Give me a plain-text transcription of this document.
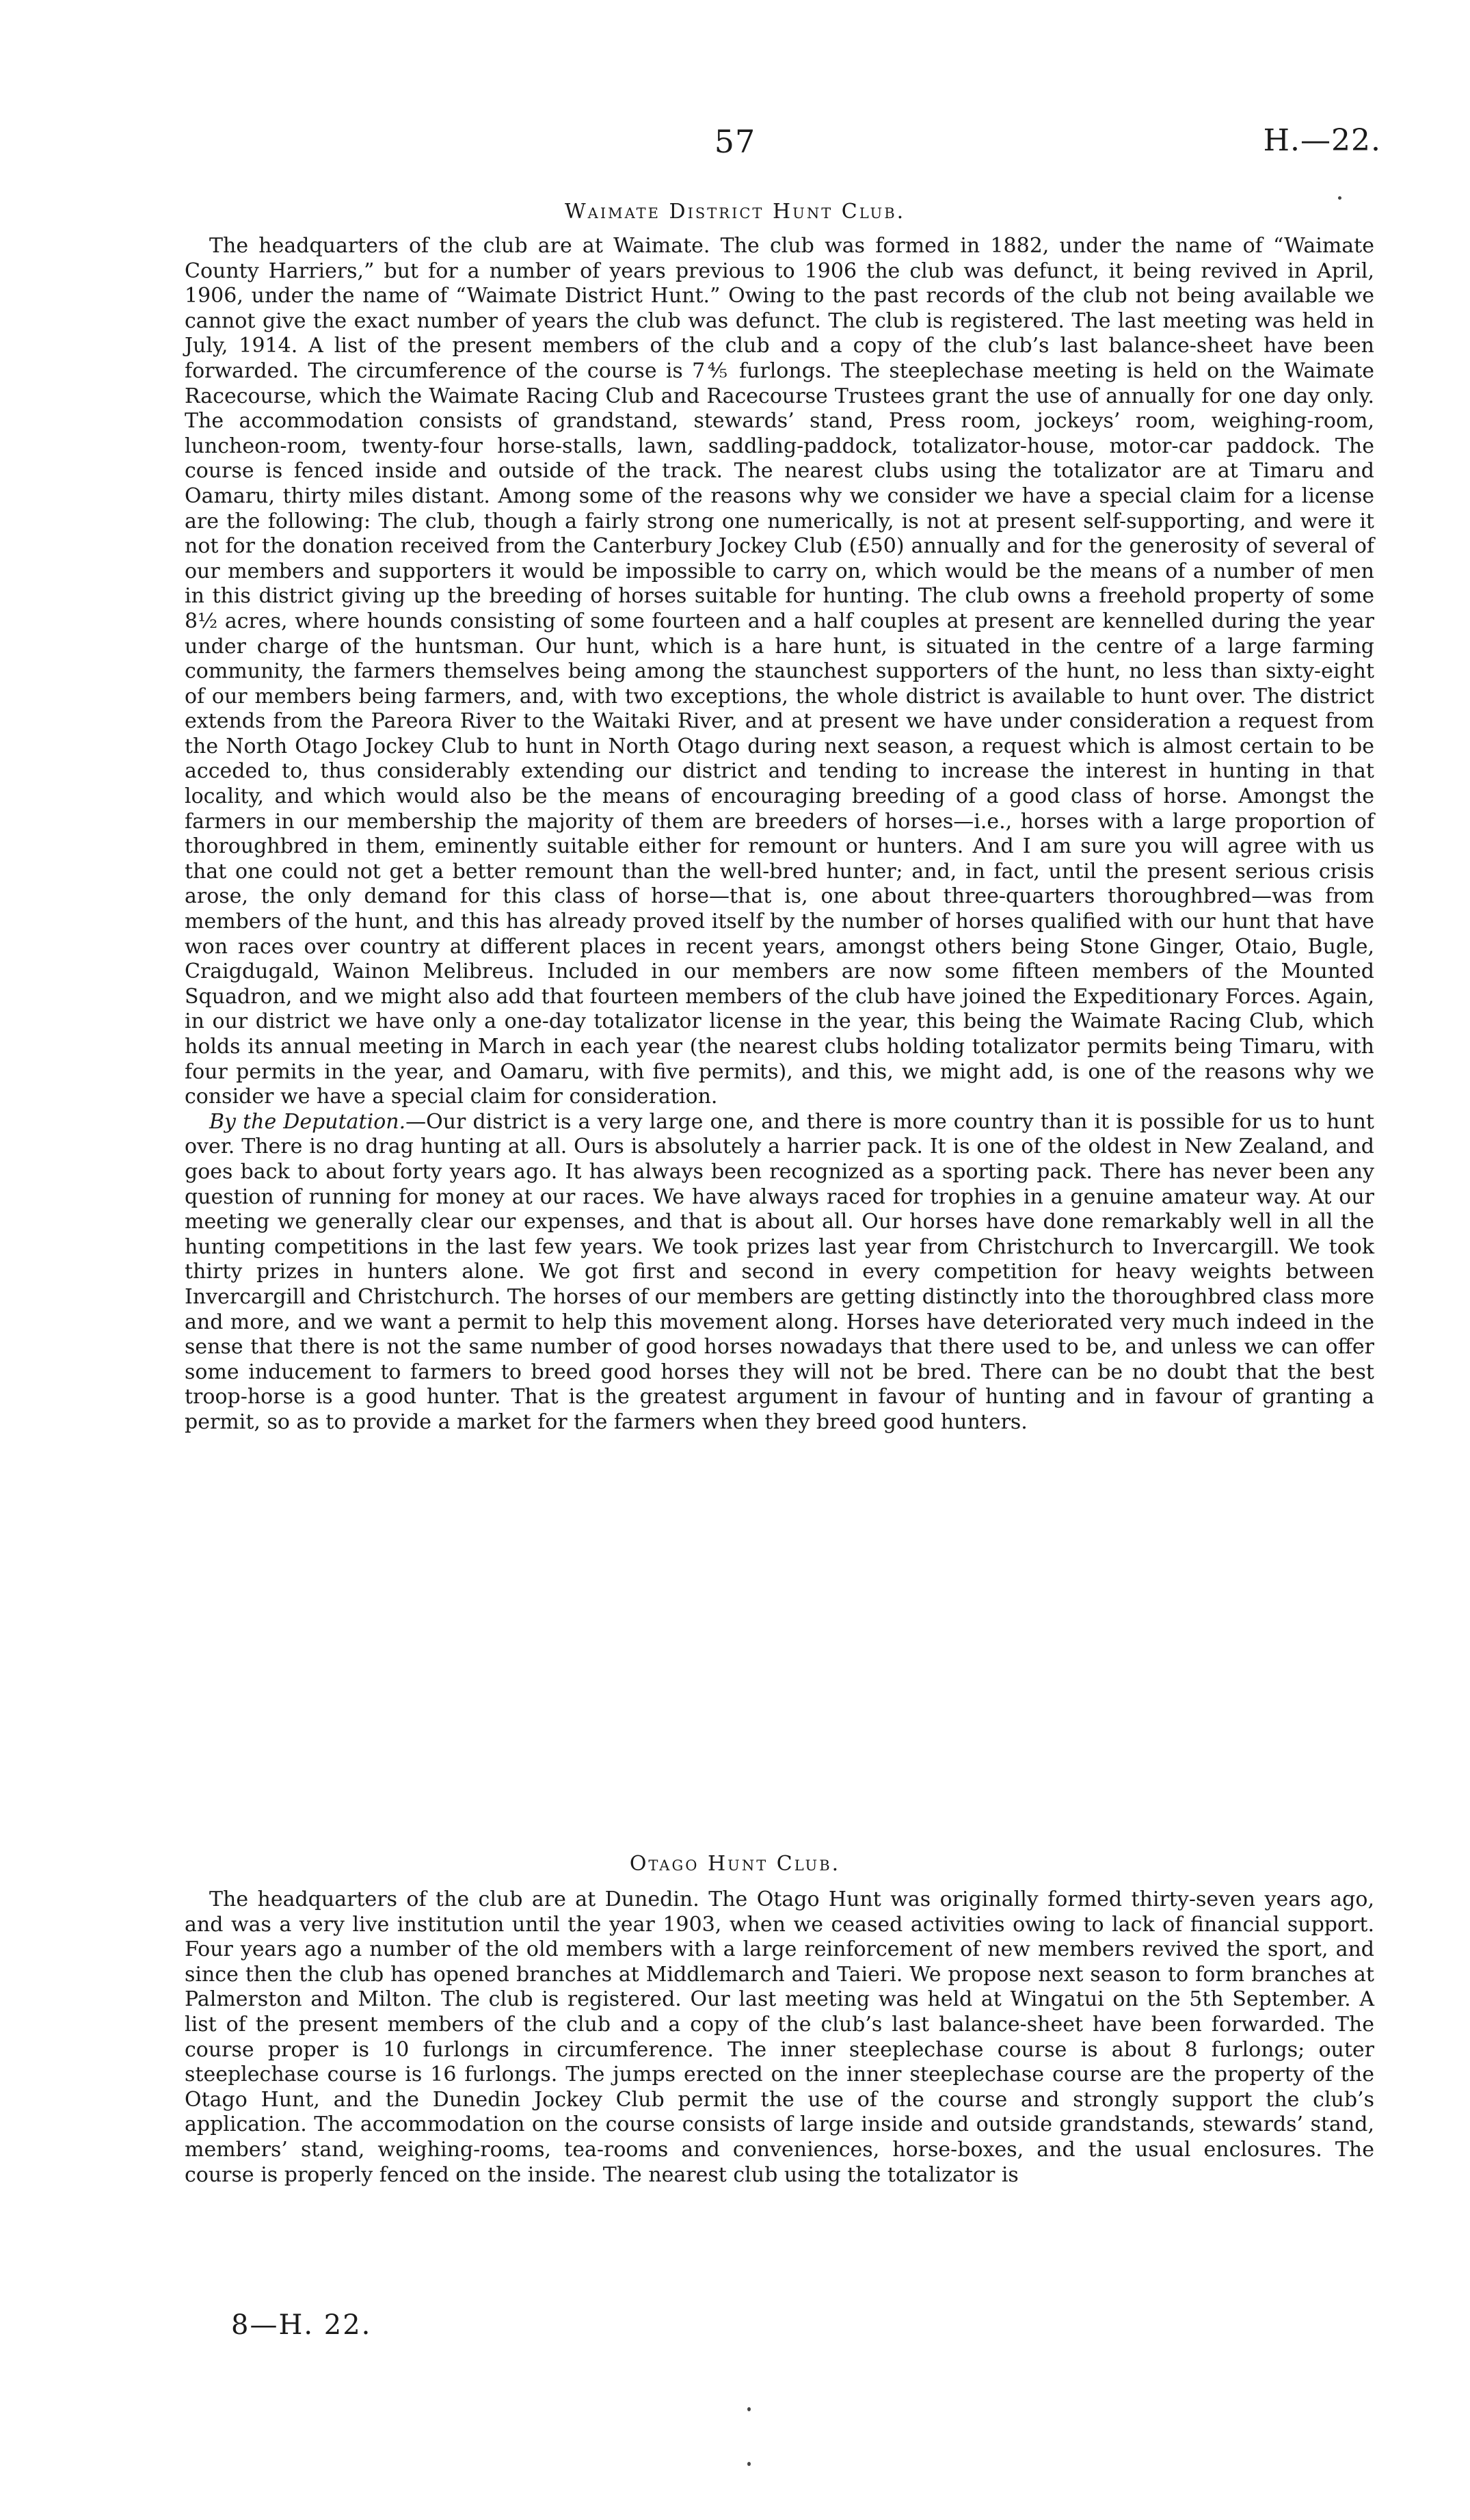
57	H.—22.
Waimate District Hunt Club.

The headquarters of the club are at Waimate. The club was formed in 1882, under the name of “Waimate County Harriers,” but for a number of years previous to 1906 the club was defunct, it being revived in April, 1906, under the name of “Waimate District Hunt.” Owing to the past records of the club not being available we cannot give the exact number of years the club was defunct. The club is registered. The last meeting was held in July, 1914. A list of the present members of the club and a copy of the club’s last balance-sheet have been forwarded. The circumference of the course is 7⅘ furlongs. The steeplechase meeting is held on the Waimate Racecourse, which the Waimate Racing Club and Racecourse Trustees grant the use of annually for one day only. The accommodation consists of grandstand, stewards’ stand, Press room, jockeys’ room, weighing-room, luncheon-room, twenty-four horse-stalls, lawn, saddling-paddock, totalizator-house, motor-car paddock. The course is fenced inside and outside of the track. The nearest clubs using the totalizator are at Timaru and Oamaru, thirty miles distant. Among some of the reasons why we consider we have a special claim for a license are the following: The club, though a fairly strong one numerically, is not at present self-supporting, and were it not for the donation received from the Canterbury Jockey Club (£50) annually and for the generosity of several of our members and supporters it would be impossible to carry on, which would be the means of a number of men in this district giving up the breeding of horses suitable for hunting. The club owns a freehold property of some 8½ acres, where hounds consisting of some fourteen and a half couples at present are kennelled during the year under charge of the huntsman. Our hunt, which is a hare hunt, is situated in the centre of a large farming community, the farmers themselves being among the staunchest supporters of the hunt, no less than sixty-eight of our members being farmers, and, with two exceptions, the whole district is available to hunt over. The district extends from the Pareora River to the Waitaki River, and at present we have under consideration a request from the North Otago Jockey Club to hunt in North Otago during next season, a request which is almost certain to be acceded to, thus considerably extending our district and tending to increase the interest in hunting in that locality, and which would also be the means of encouraging breeding of a good class of horse. Amongst the farmers in our membership the majority of them are breeders of horses—i.e., horses with a large proportion of thoroughbred in them, eminently suitable either for remount or hunters. And I am sure you will agree with us that one could not get a better remount than the well-bred hunter; and, in fact, until the present serious crisis arose, the only demand for this class of horse—that is, one about three-quarters thoroughbred—was from members of the hunt, and this has already proved itself by the number of horses qualified with our hunt that have won races over country at different places in recent years, amongst others being Stone Ginger, Otaio, Bugle, Craigdugald, Wainon Melibreus. Included in our members are now some fifteen members of the Mounted Squadron, and we might also add that fourteen members of the club have joined the Expeditionary Forces. Again, in our district we have only a one-day totalizator license in the year, this being the Waimate Racing Club, which holds its annual meeting in March in each year (the nearest clubs holding totalizator permits being Timaru, with four permits in the year, and Oamaru, with five permits), and this, we might add, is one of the reasons why we consider we have a special claim for consideration.

By the Deputation.—Our district is a very large one, and there is more country than it is possible for us to hunt over. There is no drag hunting at all. Ours is absolutely a harrier pack. It is one of the oldest in New Zealand, and goes back to about forty years ago. It has always been recognized as a sporting pack. There has never been any question of running for money at our races. We have always raced for trophies in a genuine amateur way. At our meeting we generally clear our expenses, and that is about all. Our horses have done remarkably well in all the hunting competitions in the last few years. We took prizes last year from Christchurch to Invercargill. We took thirty prizes in hunters alone. We got first and second in every competition for heavy weights between Invercargill and Christchurch. The horses of our members are getting distinctly into the thoroughbred class more and more, and we want a permit to help this movement along. Horses have deteriorated very much indeed in the sense that there is not the same number of good horses nowadays that there used to be, and unless we can offer some inducement to farmers to breed good horses they will not be bred. There can be no doubt that the best troop-horse is a good hunter. That is the greatest argument in favour of hunting and in favour of granting a permit, so as to provide a market for the farmers when they breed good hunters.

Otago Hunt Club.

The headquarters of the club are at Dunedin. The Otago Hunt was originally formed thirty-seven years ago, and was a very live institution until the year 1903, when we ceased activities owing to lack of financial support. Four years ago a number of the old members with a large reinforcement of new members revived the sport, and since then the club has opened branches at Middlemarch and Taieri. We propose next season to form branches at Palmerston and Milton. The club is registered. Our last meeting was held at Wingatui on the 5th September. A list of the present members of the club and a copy of the club’s last balance-sheet have been forwarded. The course proper is 10 furlongs in circumference. The inner steeplechase course is about 8 furlongs; outer steeplechase course is 16 furlongs. The jumps erected on the inner steeplechase course are the property of the Otago Hunt, and the Dunedin Jockey Club permit the use of the course and strongly support the club’s application. The accommodation on the course consists of large inside and outside grandstands, stewards’ stand, members’ stand, weighing-rooms, tea-rooms and conveniences, horse-boxes, and the usual enclosures. The course is properly fenced on the inside. The nearest club using the totalizator is

8—H. 22.
